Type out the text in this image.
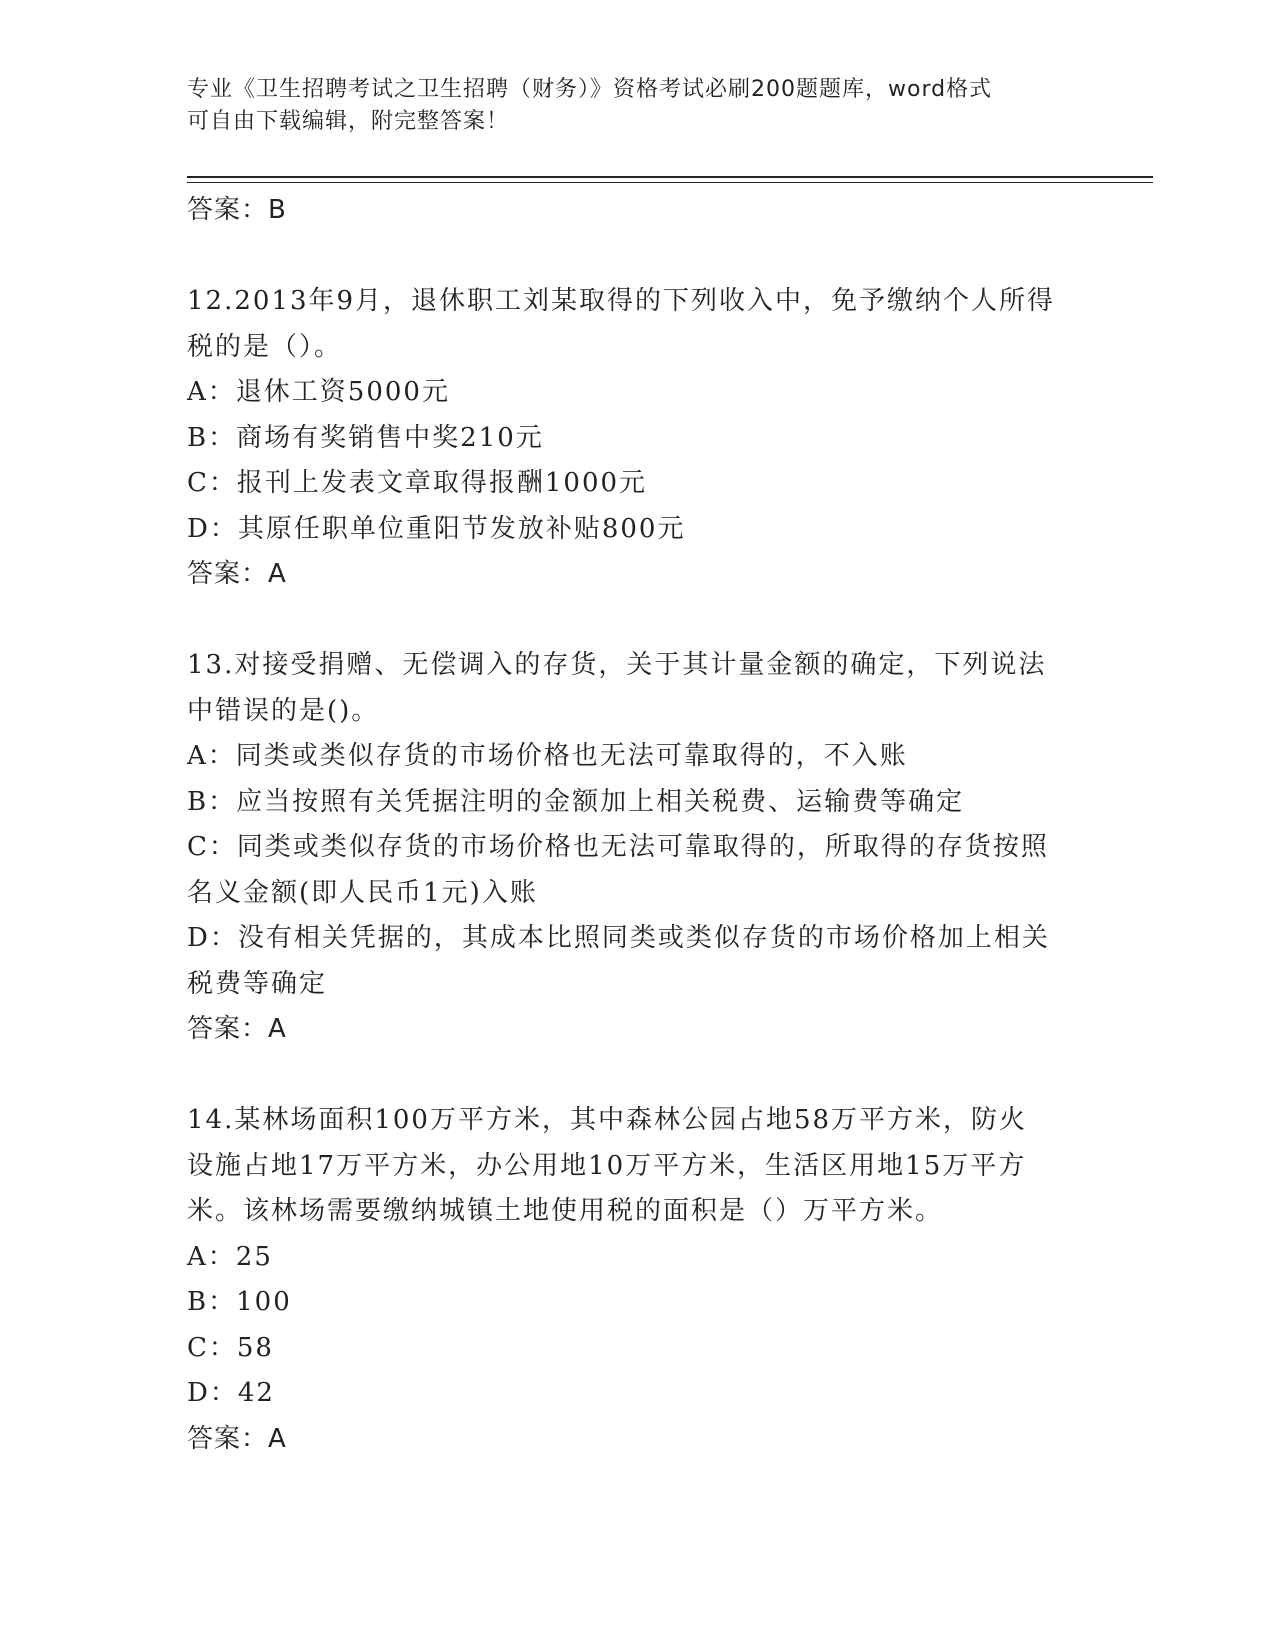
专业《卫生招聘考试之卫生招聘（财务）》资格考试必刷200题题库，word格式
可自由下载编辑，附完整答案！
答案：B
12.2013年9月，退休职工刘某取得的下列收入中，免予缴纳个人所得
税的是（）。
A：退休工资5000元
B：商场有奖销售中奖210元
C：报刊上发表文章取得报酬1000元
D：其原任职单位重阳节发放补贴800元
答案：A
13.对接受捐赠、无偿调入的存货，关于其计量金额的确定，下列说法
中错误的是()。
A：同类或类似存货的市场价格也无法可靠取得的，不入账
B：应当按照有关凭据注明的金额加上相关税费、运输费等确定
C：同类或类似存货的市场价格也无法可靠取得的，所取得的存货按照
名义金额(即人民币1元)入账
D：没有相关凭据的，其成本比照同类或类似存货的市场价格加上相关
税费等确定
答案：A
14.某林场面积100万平方米，其中森林公园占地58万平方米，防火
设施占地17万平方米，办公用地10万平方米，生活区用地15万平方
米。该林场需要缴纳城镇土地使用税的面积是（）万平方米。
A：25
B：100
C：58
D：42
答案：A
